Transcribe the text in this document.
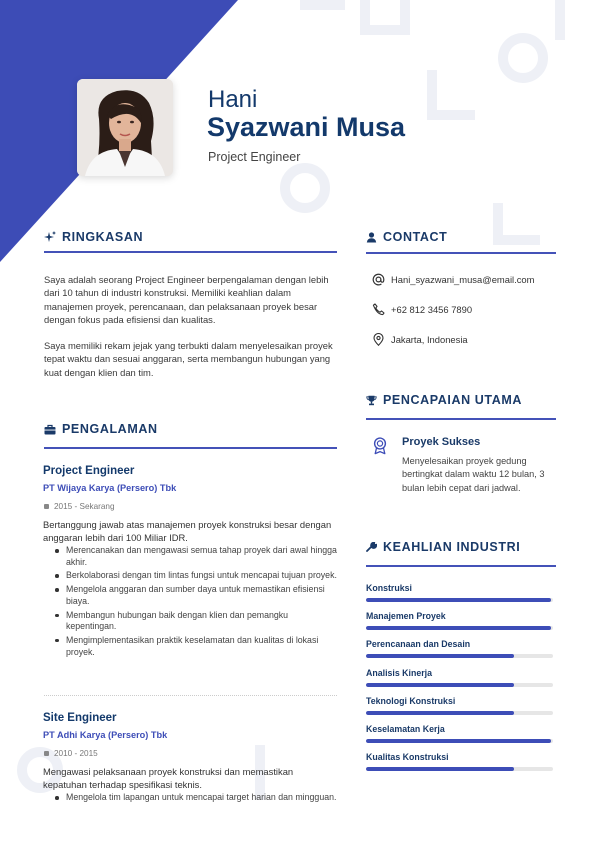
Hani
Syazwani Musa
Project Engineer
RINGKASAN
Saya adalah seorang Project Engineer berpengalaman dengan lebih dari 10 tahun di industri konstruksi. Memiliki keahlian dalam manajemen proyek, perencanaan, dan pelaksanaan proyek besar dengan fokus pada efisiensi dan kualitas.
Saya memiliki rekam jejak yang terbukti dalam menyelesaikan proyek tepat waktu dan sesuai anggaran, serta membangun hubungan yang kuat dengan klien dan tim.
PENGALAMAN
Project Engineer
PT Wijaya Karya (Persero) Tbk
2015 - Sekarang
Bertanggung jawab atas manajemen proyek konstruksi besar dengan anggaran lebih dari 100 Miliar IDR.
Merencanakan dan mengawasi semua tahap proyek dari awal hingga akhir.
Berkolaborasi dengan tim lintas fungsi untuk mencapai tujuan proyek.
Mengelola anggaran dan sumber daya untuk memastikan efisiensi biaya.
Membangun hubungan baik dengan klien dan pemangku kepentingan.
Mengimplementasikan praktik keselamatan dan kualitas di lokasi proyek.
Site Engineer
PT Adhi Karya (Persero) Tbk
2010 - 2015
Mengawasi pelaksanaan proyek konstruksi dan memastikan kepatuhan terhadap spesifikasi teknis.
Mengelola tim lapangan untuk mencapai target harian dan mingguan.
CONTACT
Hani_syazwani_musa@email.com
+62 812 3456 7890
Jakarta, Indonesia
PENCAPAIAN UTAMA
Proyek Sukses
Menyelesaikan proyek gedung bertingkat dalam waktu 12 bulan, 3 bulan lebih cepat dari jadwal.
KEAHLIAN INDUSTRI
Konstruksi
Manajemen Proyek
Perencanaan dan Desain
Analisis Kinerja
Teknologi Konstruksi
Keselamatan Kerja
Kualitas Konstruksi
